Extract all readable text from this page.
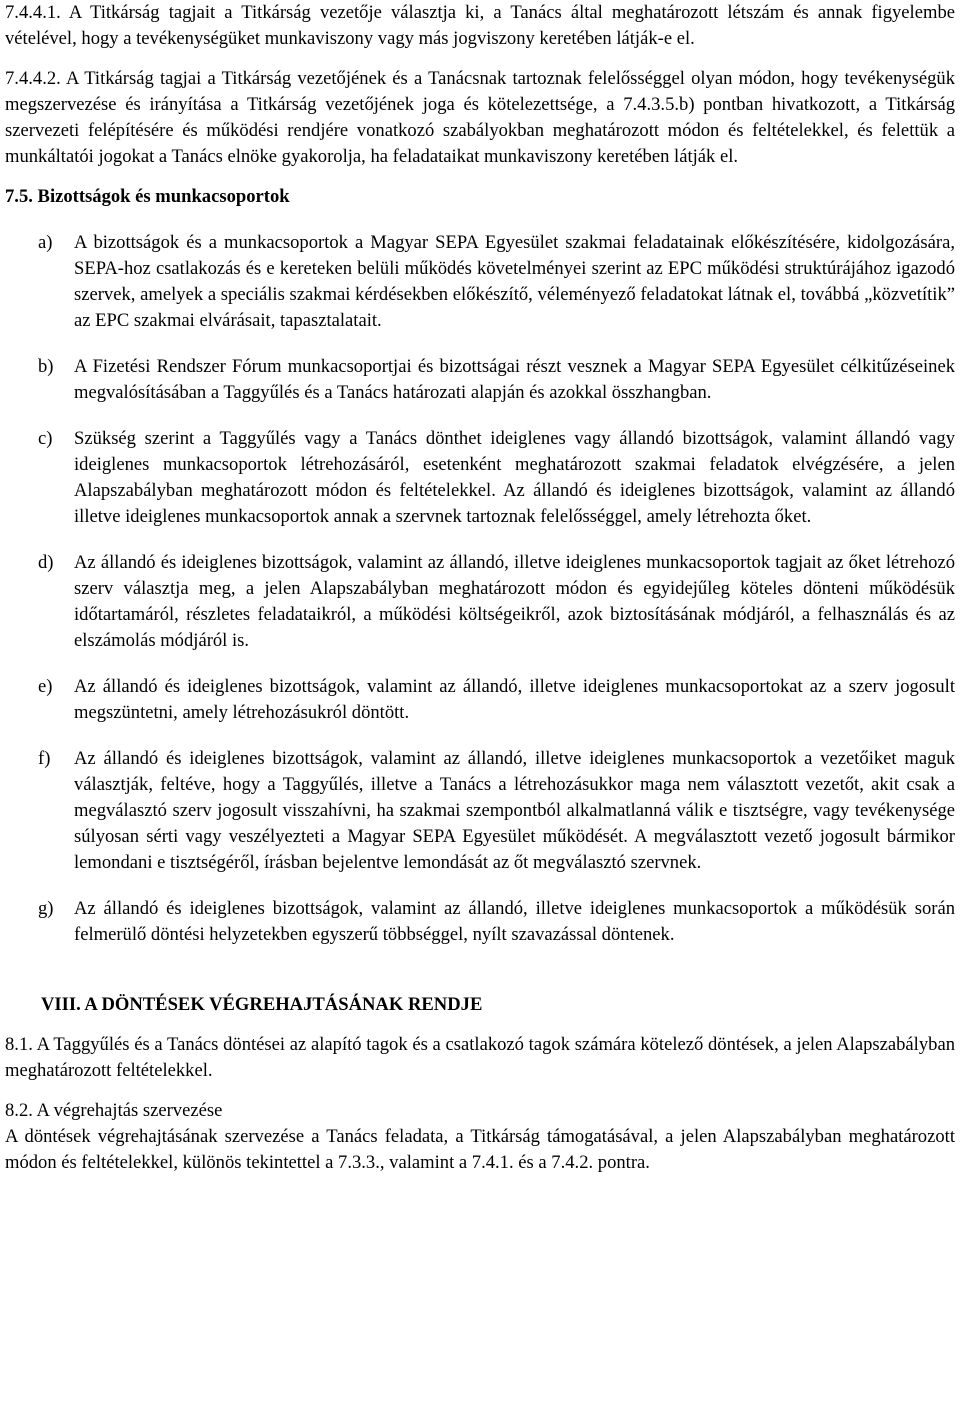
7.4.4.1. A Titkárság tagjait a Titkárság vezetője választja ki, a Tanács által meghatározott létszám és annak figyelembe vételével, hogy a tevékenységüket munkaviszony vagy más jogviszony keretében látják-e el.

7.4.4.2. A Titkárság tagjai a Titkárság vezetőjének és a Tanácsnak tartoznak felelősséggel olyan módon, hogy tevékenységük megszervezése és irányítása a Titkárság vezetőjének joga és kötelezettsége, a 7.4.3.5.b) pontban hivatkozott, a Titkárság szervezeti felépítésére és működési rendjére vonatkozó szabályokban meghatározott módon és feltételekkel, és felettük a munkáltatói jogokat a Tanács elnöke gyakorolja, ha feladataikat munkaviszony keretében látják el.

7.5. Bizottságok és munkacsoportok

a)	A bizottságok és a munkacsoportok a Magyar SEPA Egyesület szakmai feladatainak előkészítésére, kidolgozására, SEPA-hoz csatlakozás és e kereteken belüli működés követelményei szerint az EPC működési struktúrájához igazodó szervek, amelyek a speciális szakmai kérdésekben előkészítő, véleményező feladatokat látnak el, továbbá „közvetítik” az EPC szakmai elvárásait, tapasztalatait.
b)	A Fizetési Rendszer Fórum munkacsoportjai és bizottságai részt vesznek a Magyar SEPA Egyesület célkitűzéseinek megvalósításában a Taggyűlés és a Tanács határozati alapján és azokkal összhangban.
c)	Szükség szerint a Taggyűlés vagy a Tanács dönthet ideiglenes vagy állandó bizottságok, valamint állandó vagy ideiglenes munkacsoportok létrehozásáról, esetenként meghatározott szakmai feladatok elvégzésére, a jelen Alapszabályban meghatározott módon és feltételekkel. Az állandó és ideiglenes bizottságok, valamint az állandó illetve ideiglenes munkacsoportok annak a szervnek tartoznak felelősséggel, amely létrehozta őket.
d)	Az állandó és ideiglenes bizottságok, valamint az állandó, illetve ideiglenes munkacsoportok tagjait az őket létrehozó szerv választja meg, a jelen Alapszabályban meghatározott módon és egyidejűleg köteles dönteni működésük időtartamáról, részletes feladataikról, a működési költségeikről, azok biztosításának módjáról, a felhasználás és az elszámolás módjáról is.
e)	Az állandó és ideiglenes bizottságok, valamint az állandó, illetve ideiglenes munkacsoportokat az a szerv jogosult megszüntetni, amely létrehozásukról döntött.
f)	Az állandó és ideiglenes bizottságok, valamint az állandó, illetve ideiglenes munkacsoportok a vezetőiket maguk választják, feltéve, hogy a Taggyűlés, illetve a Tanács a létrehozásukkor maga nem választott vezetőt, akit csak a megválasztó szerv jogosult visszahívni, ha szakmai szempontból alkalmatlanná válik e tisztségre, vagy tevékenysége súlyosan sérti vagy veszélyezteti a Magyar SEPA Egyesület működését. A megválasztott vezető jogosult bármikor lemondani e tisztségéről, írásban bejelentve lemondását az őt megválasztó szervnek.
g)	Az állandó és ideiglenes bizottságok, valamint az állandó, illetve ideiglenes munkacsoportok a működésük során felmerülő döntési helyzetekben egyszerű többséggel, nyílt szavazással döntenek.

VIII. A DÖNTÉSEK VÉGREHAJTÁSÁNAK RENDJE

8.1. A Taggyűlés és a Tanács döntései az alapító tagok és a csatlakozó tagok számára kötelező döntések, a jelen Alapszabályban meghatározott feltételekkel.

8.2. A végrehajtás szervezése

A döntések végrehajtásának szervezése a Tanács feladata, a Titkárság támogatásával, a jelen Alapszabályban meghatározott módon és feltételekkel, különös tekintettel a 7.3.3., valamint a 7.4.1. és a 7.4.2. pontra.
